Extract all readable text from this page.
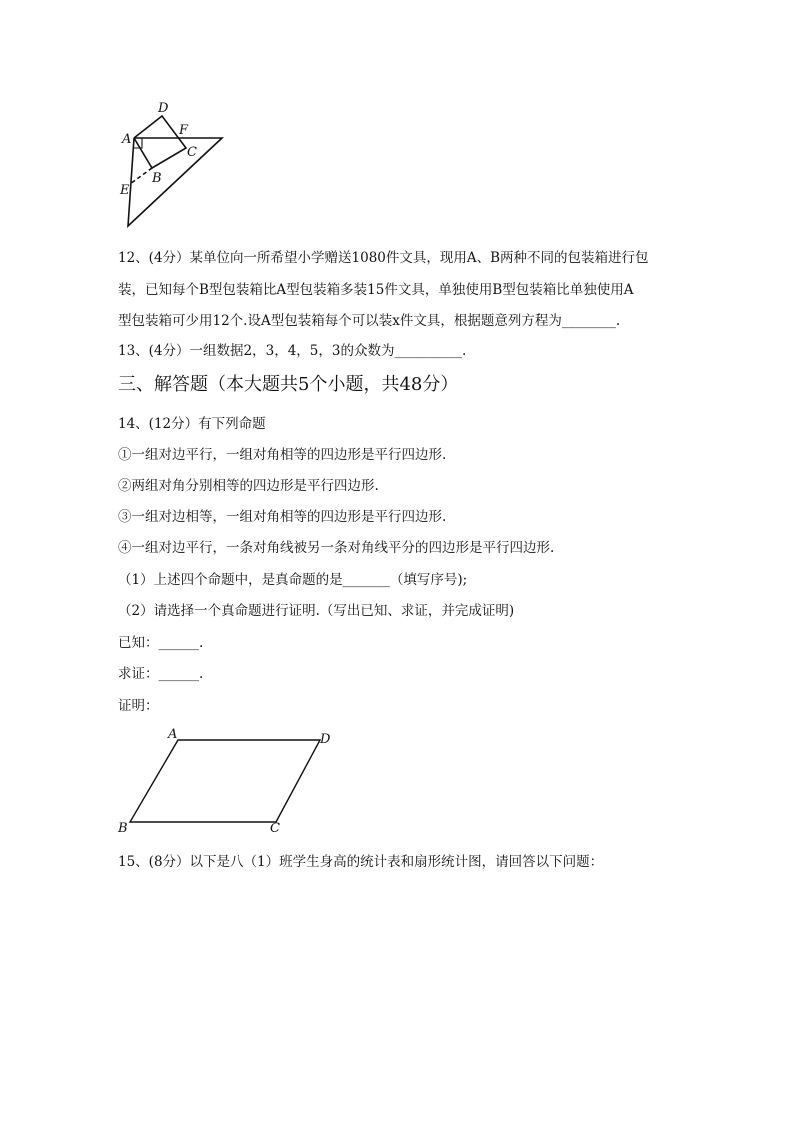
D
A
F
C
B
E
12、(4分）某单位向一所希望小学赠送1080件文具，现用A、B两种不同的包装箱进行包
装，已知每个B型包装箱比A型包装箱多装15件文具，单独使用B型包装箱比单独使用A
型包装箱可少用12个.设A型包装箱每个可以装x件文具，根据题意列方程为________.
13、(4分）一组数据2，3，4，5，3的众数为__________.
三、解答题（本大题共5个小题，共48分）
14、(12分）有下列命题
①一组对边平行，一组对角相等的四边形是平行四边形.
②两组对角分别相等的四边形是平行四边形.
③一组对边相等，一组对角相等的四边形是平行四边形.
④一组对边平行，一条对角线被另一条对角线平分的四边形是平行四边形.
（1）上述四个命题中，是真命题的是_______（填写序号);
（2）请选择一个真命题进行证明.（写出已知、求证，并完成证明)
已知：______.
求证：______.
证明：
A	D
B	C
15、(8分）以下是八（1）班学生身高的统计表和扇形统计图，请回答以下问题：
